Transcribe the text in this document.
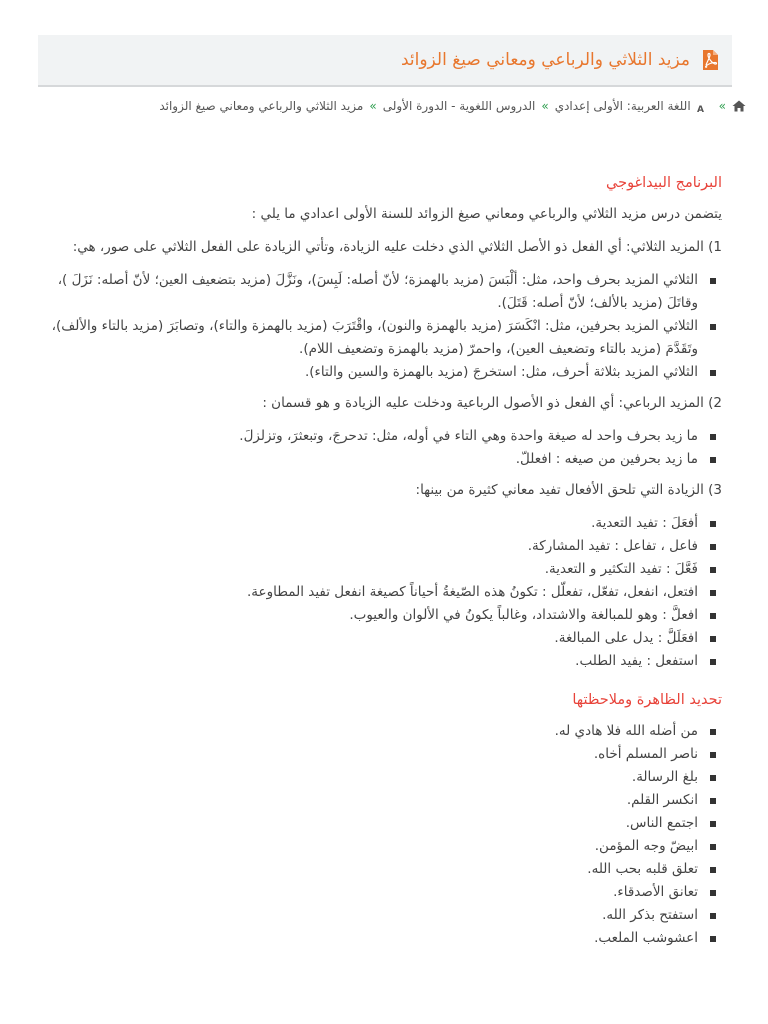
مزيد الثلاثي والرباعي ومعاني صيغ الزوائد
»
A
اللغة العربية: الأولى إعدادي
»
الدروس اللغوية - الدورة الأولى
»
مزيد الثلاثي والرباعي ومعاني صيغ الزوائد
البرنامج البيداغوجي

يتضمن درس مزيد الثلاثي والرباعي ومعاني صيغ الزوائد للسنة الأولى اعدادي ما يلي :

1) المزيد الثلاثي: أي الفعل ذو الأصل الثلاثي الذي دخلت عليه الزيادة، وتأتي الزيادة على الفعل الثلاثي على صور، هي:

الثلاثي المزيد بحرف واحد، مثل: ألْبَسَ (مزيد بالهمزة؛ لأنّ أصله: لَبِسَ)، ونَزَّلَ (مزيد بتضعيف العين؛ لأنّ أصله: نَزَلَ )، وقاتَلَ (مزيد بالألف؛ لأنّ أصله: قَتَلَ).
الثلاثي المزيد بحرفين، مثل: انْكَسَرَ (مزيد بالهمزة والنون)، واقْتَرَبَ (مزيد بالهمزة والتاء)، وتصابَرَ (مزيد بالتاء والألف)، وتَقَدَّمَ (مزيد بالتاء وتضعيف العين)، واحمرّ (مزيد بالهمزة وتضعيف اللام).
الثلاثي المزيد بثلاثة أحرف، مثل: استخرجَ (مزيد بالهمزة والسين والتاء).

2) المزيد الرباعي: أي الفعل ذو الأصول الرباعية ودخلت عليه الزيادة و هو قسمان :

ما زيد بحرف واحد له صيغة واحدة وهي التاء في أوله، مثل: تدحرجَ، وتبعثرَ، وتزلزلَ.
ما زيد بحرفين من صيغه : افعللّ.

3) الزيادة التي تلحق الأفعال تفيد معاني كثيرة من بينها:

أفعَلَ : تفيد التعدية.
فاعل ، تفاعل : تفيد المشاركة.
فَعَّلَ : تفيد التكثير و التعدية.
افتعل، انفعل، تفعّل، تفعلّل : تكونُ هذه الصّيغةُ أحياناً كصيغة انفعل تفيد المطاوعة.
افعلَّ : وهو للمبالغة والاشتداد، وغالباً يكونُ في الألوان والعيوب.
افعَلَلَّ : يدل على المبالغة.
استفعل : يفيد الطلب.
تحديد الظاهرة وملاحظتها
من أضله الله فلا هادي له.
ناصر المسلم أخاه.
بلغ الرسالة.
انكسر القلم.
اجتمع الناس.
ابيضّ وجه المؤمن.
تعلق قلبه بحب الله.
تعانق الأصدقاء.
استفتح بذكر الله.
اعشوشب الملعب.
